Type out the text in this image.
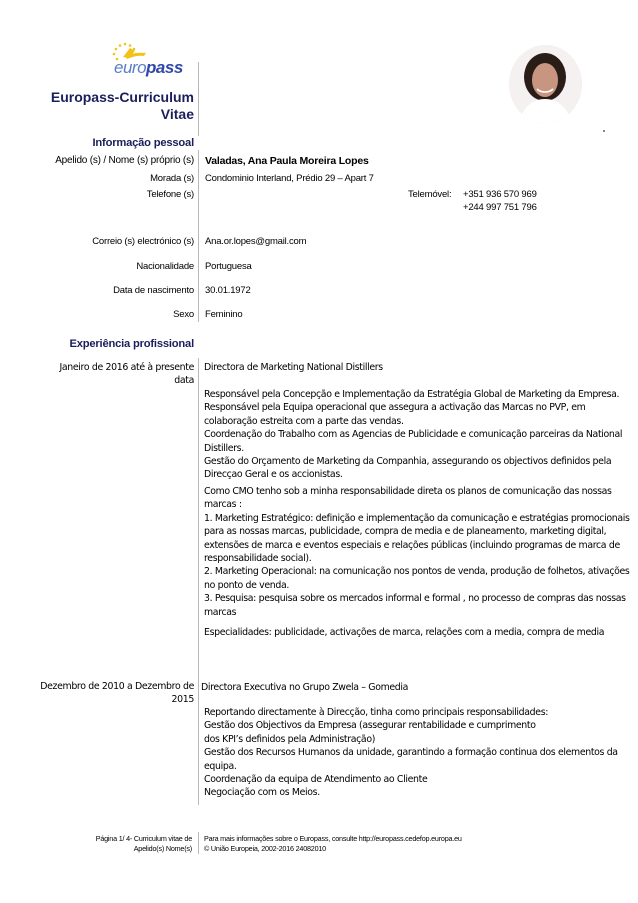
europass
Europass-Curriculum
Vitae
Informação pessoal
Apelido (s) / Nome (s) próprio (s) Valadas, Ana Paula Moreira Lopes
Morada (s) Condominio Interland, Prédio 29 – Apart 7
Telefone (s)	Telemóvel: +351 936 570 969
+244 997 751 796
Correio (s) electrónico (s) Ana.or.lopes@gmail.com
Nacionalidade Portuguesa
Data de nascimento 30.01.1972
Sexo Feminino
Experiência profissional
Janeiro de 2016 até à presente
data
Directora de Marketing National Distillers

Responsável pela Concepção e Implementação da Estratégia Global de Marketing da Empresa.

Responsável pela Equipa operacional que assegura a activação das Marcas no PVP, em

colaboração estreita com a parte das vendas.

Coordenação do Trabalho com as Agencias de Publicidade e comunicação parceiras da National

Distillers.

Gestão do Orçamento de Marketing da Companhia, assegurando os objectivos definidos pela

Direcçao Geral e os accionistas.

Como CMO tenho sob a minha responsabilidade direta os planos de comunicação das nossas

marcas :

1. Marketing Estratégico: definição e implementação da comunicação e estratégias promocionais

para as nossas marcas, publicidade, compra de media e de planeamento, marketing digital,

extensões de marca e eventos especiais e relações públicas (incluindo programas de marca de

responsabilidade social).

2. Marketing Operacional: na comunicação nos pontos de venda, produção de folhetos, ativações

no ponto de venda.

3. Pesquisa: pesquisa sobre os mercados informal e formal , no processo de compras das nossas

marcas

Especialidades: publicidade, activações de marca, relações com a media, compra de media
Dezembro de 2010 a Dezembro de
2015
Directora Executiva no Grupo Zwela – Gomedia

Reportando directamente à Direcção, tinha como principais responsabilidades:

Gestão dos Objectivos da Empresa (assegurar rentabilidade e cumprimento

dos KPI’s definidos pela Administração)

Gestão dos Recursos Humanos da unidade, garantindo a formação continua dos elementos da

equipa.

Coordenação da equipa de Atendimento ao Cliente

Negociação com os Meios.

Página 1/ 4- Curriculum vitae de
Apelido(s) Nome(s)
Para mais informações sobre o Europass, consulte http://europass.cedefop.europa.eu
© União Europeia, 2002-2016 24082010
